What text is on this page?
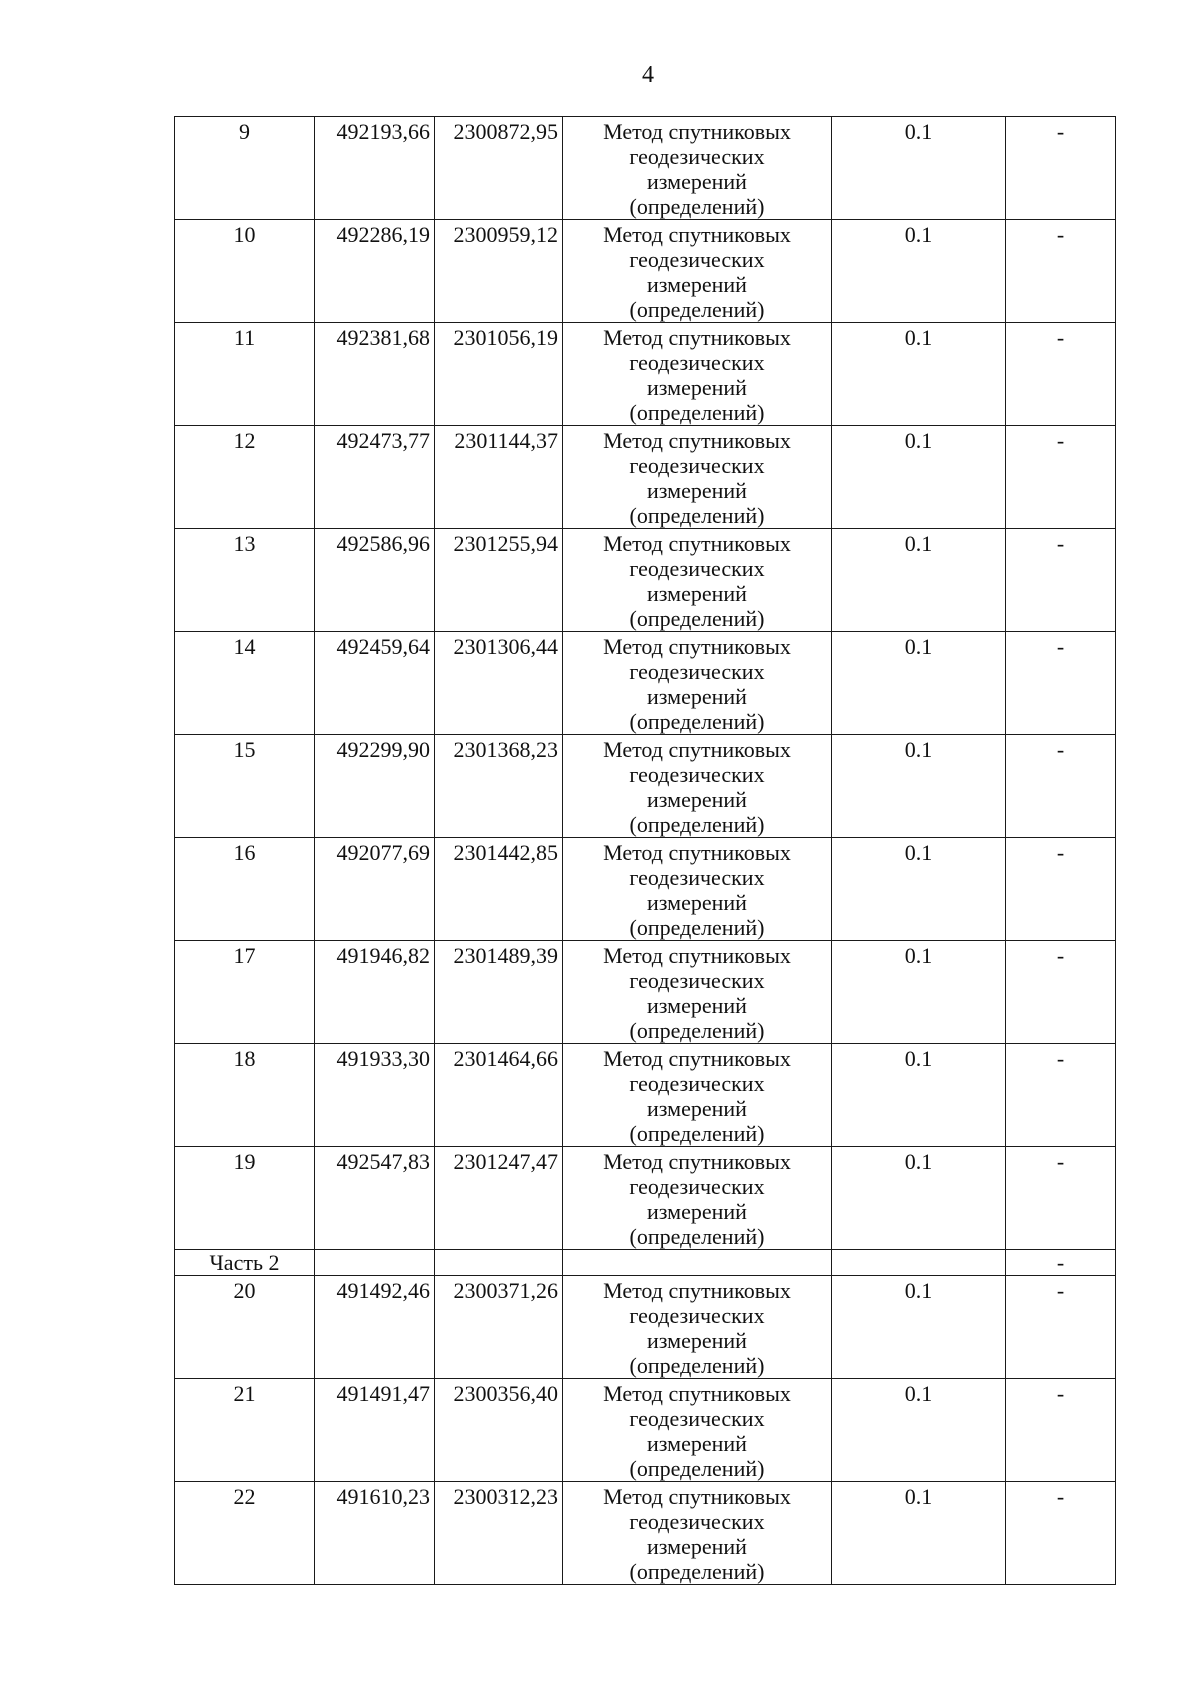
4
9	492193,66	2300872,95	Метод спутниковых
геодезических
измерений
(определений)	0.1	-
10	492286,19	2300959,12	Метод спутниковых
геодезических
измерений
(определений)	0.1	-
11	492381,68	2301056,19	Метод спутниковых
геодезических
измерений
(определений)	0.1	-
12	492473,77	2301144,37	Метод спутниковых
геодезических
измерений
(определений)	0.1	-
13	492586,96	2301255,94	Метод спутниковых
геодезических
измерений
(определений)	0.1	-
14	492459,64	2301306,44	Метод спутниковых
геодезических
измерений
(определений)	0.1	-
15	492299,90	2301368,23	Метод спутниковых
геодезических
измерений
(определений)	0.1	-
16	492077,69	2301442,85	Метод спутниковых
геодезических
измерений
(определений)	0.1	-
17	491946,82	2301489,39	Метод спутниковых
геодезических
измерений
(определений)	0.1	-
18	491933,30	2301464,66	Метод спутниковых
геодезических
измерений
(определений)	0.1	-
19	492547,83	2301247,47	Метод спутниковых
геодезических
измерений
(определений)	0.1	-
Часть 2					-
20	491492,46	2300371,26	Метод спутниковых
геодезических
измерений
(определений)	0.1	-
21	491491,47	2300356,40	Метод спутниковых
геодезических
измерений
(определений)	0.1	-
22	491610,23	2300312,23	Метод спутниковых
геодезических
измерений
(определений)	0.1	-
